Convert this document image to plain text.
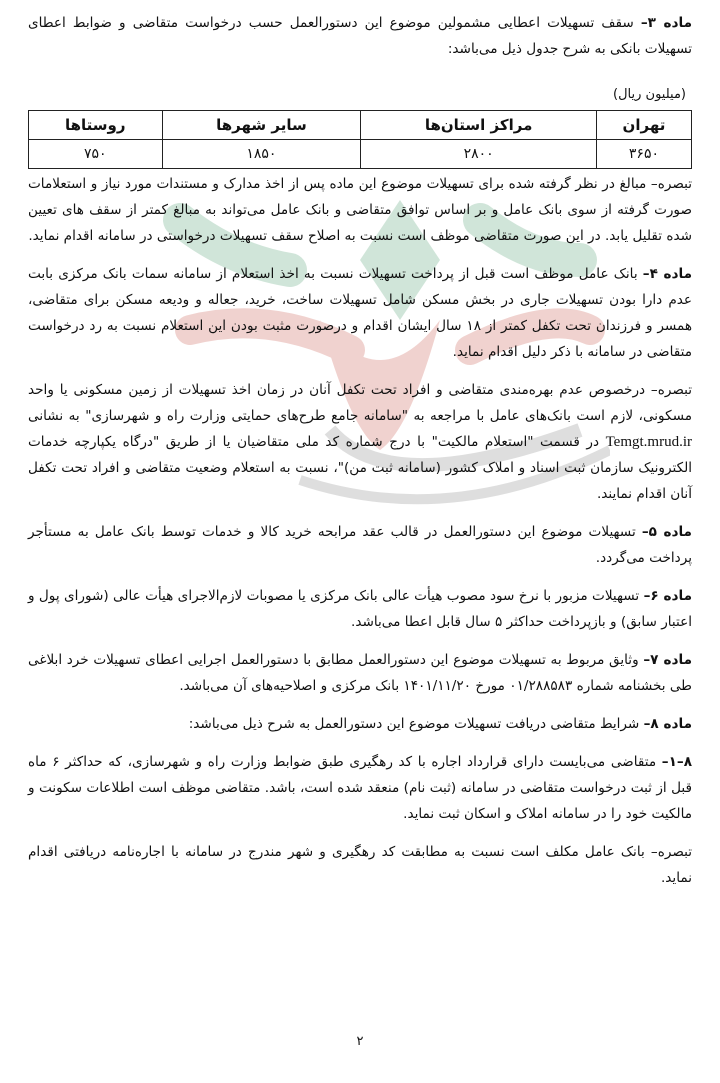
ماده ۳– سقف تسهیلات اعطایی مشمولین موضوع این دستورالعمل حسب درخواست متقاضی و ضوابط اعطای تسهیلات بانکی به شرح جدول ذیل می‌باشد:

(میلیون ریال)
تهران	مراکز استان‌ها	سایر شهرها	روستاها
۳۶۵۰	۲۸۰۰	۱۸۵۰	۷۵۰

تبصره– مبالغ در نظر گرفته شده برای تسهیلات موضوع این ماده پس از اخذ مدارک و مستندات مورد نیاز و استعلامات صورت گرفته از سوی بانک عامل و بر اساس توافق متقاضی و بانک عامل می‌تواند به مبالغ کمتر از سقف های تعیین شده تقلیل یابد. در این صورت متقاضی موظف است نسبت به اصلاح سقف تسهیلات درخواستی در سامانه اقدام نماید.

ماده ۴– بانک عامل موظف است قبل از پرداخت تسهیلات نسبت به اخذ استعلام از سامانه سمات بانک مرکزی بابت عدم دارا بودن تسهیلات جاری در بخش مسکن شامل تسهیلات ساخت، خرید، جعاله و ودیعه مسکن برای متقاضی، همسر و فرزندان تحت تکفل کمتر از ۱۸ سال ایشان اقدام و درصورت مثبت بودن این استعلام نسبت به رد درخواست متقاضی در سامانه با ذکر دلیل اقدام نماید.

تبصره– درخصوص عدم بهره‌مندی متقاضی و افراد تحت تکفل آنان در زمان اخذ تسهیلات از زمین مسکونی یا واحد مسکونی، لازم است بانک‌های عامل با مراجعه به "سامانه جامع طرح‌های حمایتی وزارت راه و شهرسازی" به نشانی Temgt.mrud.ir در قسمت "استعلام مالکیت" با درج شماره کد ملی متقاضیان یا از طریق "درگاه یکپارچه خدمات الکترونیک سازمان ثبت اسناد و املاک کشور (سامانه ثبت من)"، نسبت به استعلام وضعیت متقاضی و افراد تحت تکفل آنان اقدام نمایند.

ماده ۵– تسهیلات موضوع این دستورالعمل در قالب عقد مرابحه خرید کالا و خدمات توسط بانک عامل به مستأجر پرداخت می‌گردد.

ماده ۶– تسهیلات مزبور با نرخ سود مصوب هیأت عالی بانک مرکزی یا مصوبات لازم‌الاجرای هیأت عالی (شورای پول و اعتبار سابق) و بازپرداخت حداکثر ۵ سال قابل اعطا می‌باشد.

ماده ۷– وثایق مربوط به تسهیلات موضوع این دستورالعمل مطابق با دستورالعمل اجرایی اعطای تسهیلات خرد ابلاغی طی بخشنامه شماره ۰۱/۲۸۸۵۸۳ مورخ ۱۴۰۱/۱۱/۲۰ بانک مرکزی و اصلاحیه‌های آن می‌باشد.

ماده ۸– شرایط متقاضی دریافت تسهیلات موضوع این دستورالعمل به شرح ذیل می‌باشد:

۸–۱– متقاضی می‌بایست دارای قرارداد اجاره با کد رهگیری طبق ضوابط وزارت راه و شهرسازی، که حداکثر ۶ ماه قبل از ثبت درخواست متقاضی در سامانه (ثبت نام) منعقد شده است، باشد. متقاضی موظف است اطلاعات سکونت و مالکیت خود را در سامانه املاک و اسکان ثبت نماید.

تبصره– بانک عامل مکلف است نسبت به مطابقت کد رهگیری و شهر مندرج در سامانه با اجاره‌نامه دریافتی اقدام نماید.

۲
